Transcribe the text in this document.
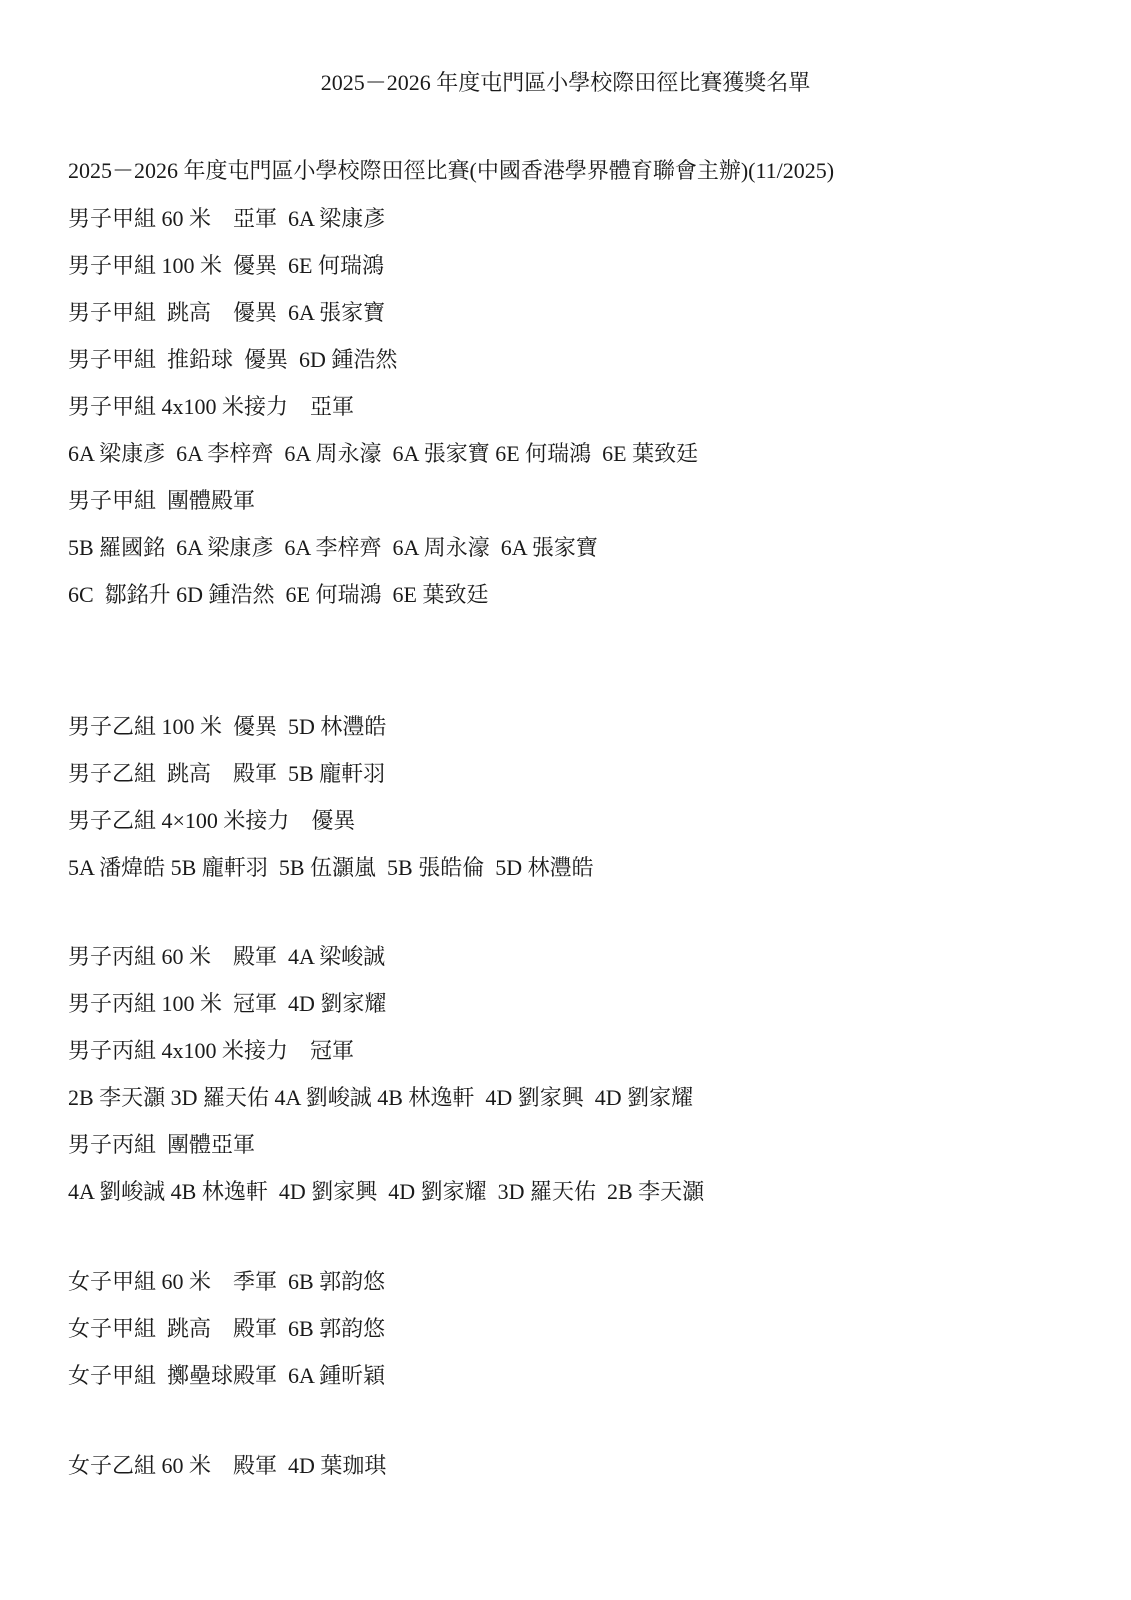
2025－2026 年度屯門區小學校際田徑比賽獲獎名單
2025－2026 年度屯門區小學校際田徑比賽(中國香港學界體育聯會主辦)(11/2025)
男子甲組 60 米　亞軍  6A 梁康彥
男子甲組 100 米  優異  6E 何瑞鴻
男子甲組  跳高　優異  6A 張家寶
男子甲組  推鉛球  優異  6D 鍾浩然
男子甲組 4x100 米接力　亞軍
6A 梁康彥  6A 李梓齊  6A 周永濠  6A 張家寶 6E 何瑞鴻  6E 葉致廷
男子甲組  團體殿軍
5B 羅國銘  6A 梁康彥  6A 李梓齊  6A 周永濠  6A 張家寶
6C  鄒銘升 6D 鍾浩然  6E 何瑞鴻  6E 葉致廷
男子乙組 100 米  優異  5D 林灃皓
男子乙組  跳高　殿軍  5B 龐軒羽
男子乙組 4×100 米接力　優異
5A 潘煒皓 5B 龐軒羽  5B 伍灝嵐  5B 張皓倫  5D 林灃皓
男子丙組 60 米　殿軍  4A 梁峻誠
男子丙組 100 米  冠軍  4D 劉家耀
男子丙組 4x100 米接力　冠軍
2B 李天灝 3D 羅天佑 4A 劉峻誠 4B 林逸軒  4D 劉家興  4D 劉家耀
男子丙組  團體亞軍
4A 劉峻誠 4B 林逸軒  4D 劉家興  4D 劉家耀  3D 羅天佑  2B 李天灝
女子甲組 60 米　季軍  6B 郭韵悠
女子甲組  跳高　殿軍  6B 郭韵悠
女子甲組  擲壘球殿軍  6A 鍾昕穎
女子乙組 60 米　殿軍  4D 葉珈琪
